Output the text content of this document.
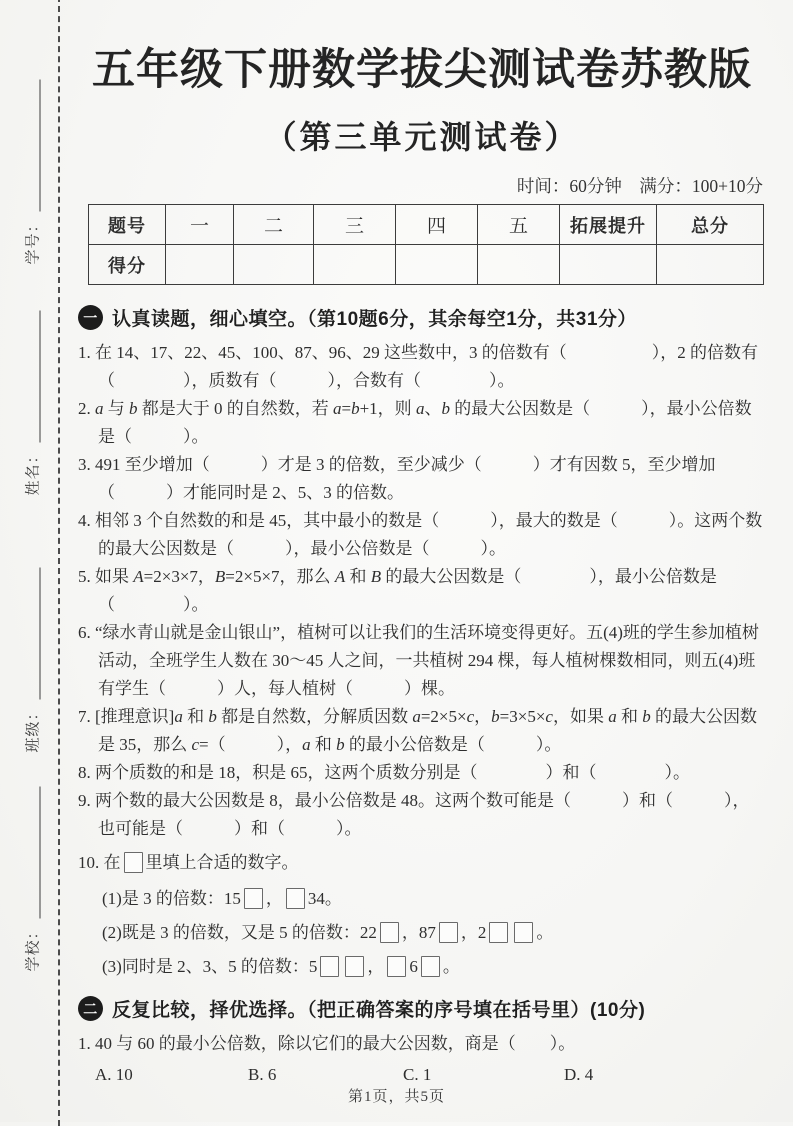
学号：
姓名：
班级：
学校：
五年级下册数学拔尖测试卷苏教版
（第三单元测试卷）
时间：60分钟　满分：100+10分
题号	一	二	三	四	五	拓展提升	总分
得分							
一 认真读题，细心填空。（第10题6分，其余每空1分，共31分）
1. 在 14、17、22、45、100、87、96、29 这些数中，3 的倍数有（　　　　　），2 的倍数有（　　　　），质数有（　　　），合数有（　　　　）。
2. a 与 b 都是大于 0 的自然数，若 a=b+1，则 a、b 的最大公因数是（　　　），最小公倍数是（　　　）。
3. 491 至少增加（　　　）才是 3 的倍数，至少减少（　　　）才有因数 5，至少增加（　　　）才能同时是 2、5、3 的倍数。
4. 相邻 3 个自然数的和是 45，其中最小的数是（　　　），最大的数是（　　　）。这两个数的最大公因数是（　　　），最小公倍数是（　　　）。
5. 如果 A=2×3×7，B=2×5×7，那么 A 和 B 的最大公因数是（　　　　），最小公倍数是（　　　　）。
6. “绿水青山就是金山银山”，植树可以让我们的生活环境变得更好。五(4)班的学生参加植树活动，全班学生人数在 30～45 人之间，一共植树 294 棵，每人植树棵数相同，则五(4)班有学生（　　　）人，每人植树（　　　）棵。
7. [推理意识]a 和 b 都是自然数，分解质因数 a=2×5×c，b=3×5×c，如果 a 和 b 的最大公因数是 35，那么 c=（　　　），a 和 b 的最小公倍数是（　　　）。
8. 两个质数的和是 18，积是 65，这两个质数分别是（　　　　）和（　　　　）。
9. 两个数的最大公因数是 8，最小公倍数是 48。这两个数可能是（　　　）和（　　　），也可能是（　　　）和（　　　）。
10. 在 里填上合适的数字。
(1)是 3 的倍数：15 ， 34。
(2)既是 3 的倍数，又是 5 的倍数：22 ，87 ，2	。
(3)同时是 2、3、5 的倍数：5	， 6 。
二 反复比较，择优选择。（把正确答案的序号填在括号里）(10分)
1. 40 与 60 的最小公倍数，除以它们的最大公因数，商是（　　）。
A. 10	B. 6	C. 1	D. 4
第1页，共5页
